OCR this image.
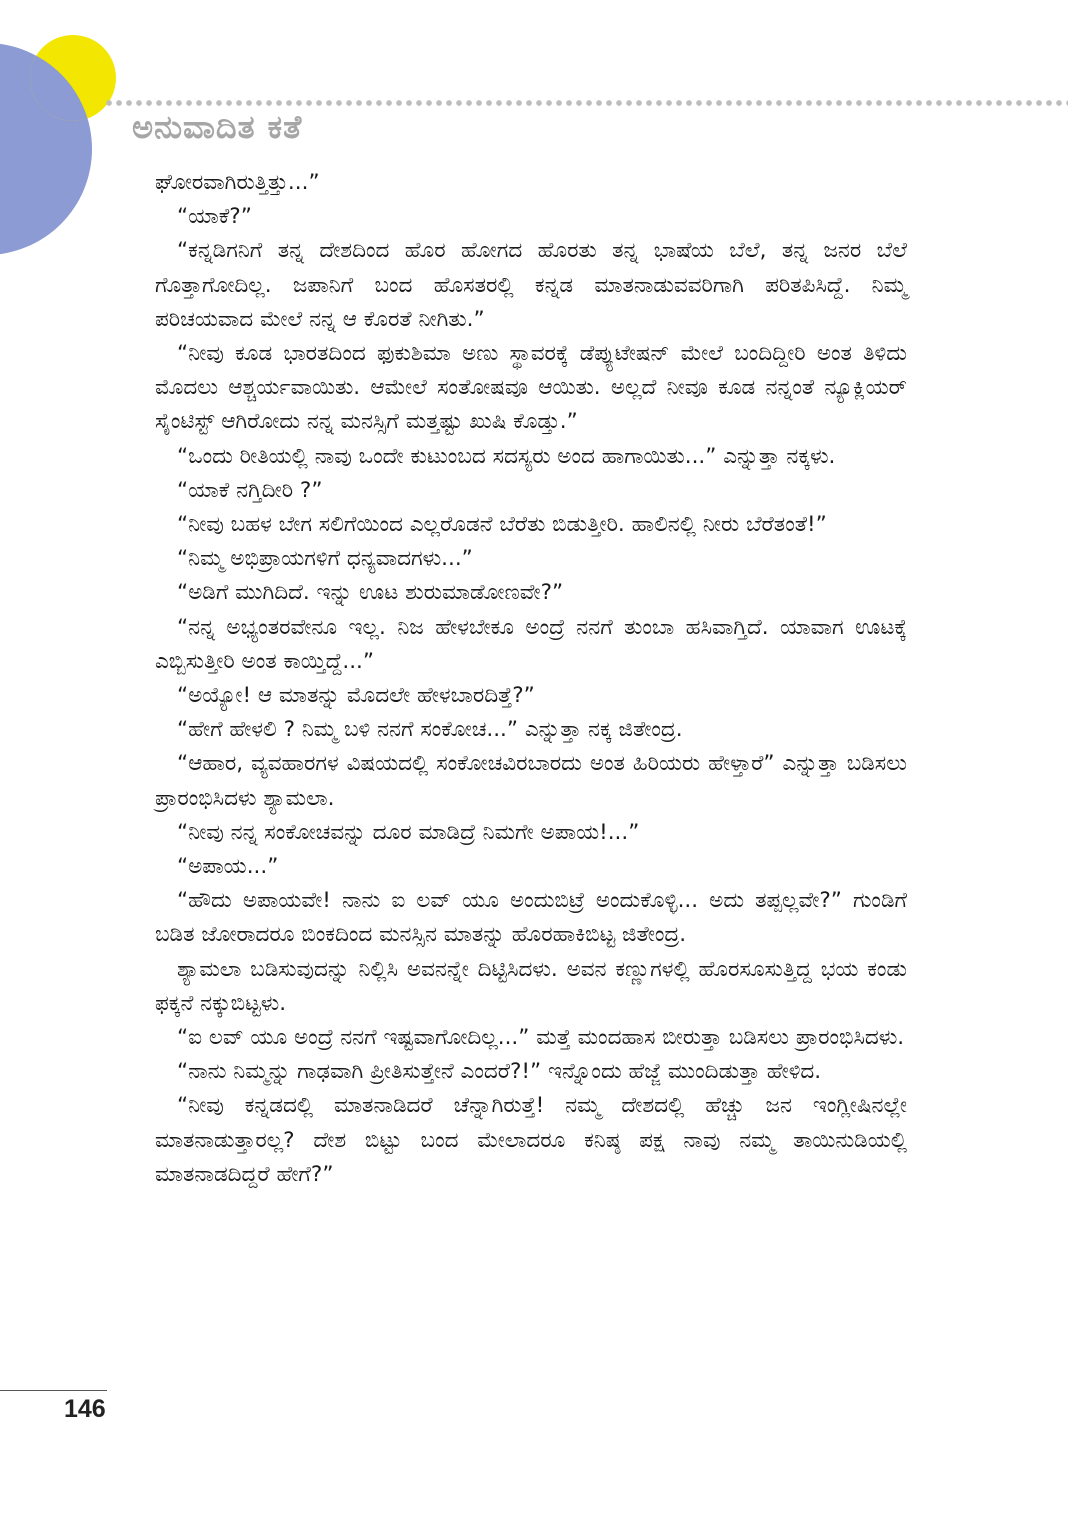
ಅನುವಾದಿತ ಕತೆ

ಘೋರವಾಗಿರುತ್ತಿತ್ತು...”

“ಯಾಕೆ?”

“ಕನ್ನಡಿಗನಿಗೆ ತನ್ನ ದೇಶದಿಂದ ಹೊರ ಹೋಗದ ಹೊರತು ತನ್ನ ಭಾಷೆಯ ಬೆಲೆ, ತನ್ನ ಜನರ ಬೆಲೆ ಗೊತ್ತಾಗೋದಿಲ್ಲ. ಜಪಾನಿಗೆ ಬಂದ ಹೊಸತರಲ್ಲಿ ಕನ್ನಡ ಮಾತನಾಡುವವರಿಗಾಗಿ ಪರಿತಪಿಸಿದ್ದೆ. ನಿಮ್ಮ ಪರಿಚಯವಾದ ಮೇಲೆ ನನ್ನ ಆ ಕೊರತೆ ನೀಗಿತು.”

“ನೀವು ಕೂಡ ಭಾರತದಿಂದ ಫುಕುಶಿಮಾ ಅಣು ಸ್ಥಾವರಕ್ಕೆ ಡೆಪ್ಯುಟೇಷನ್ ಮೇಲೆ ಬಂದಿದ್ದೀರಿ ಅಂತ ತಿಳಿದು ಮೊದಲು ಆಶ್ಚರ್ಯವಾಯಿತು. ಆಮೇಲೆ ಸಂತೋಷವೂ ಆಯಿತು. ಅಲ್ಲದೆ ನೀವೂ ಕೂಡ ನನ್ನಂತೆ ನ್ಯೂಕ್ಲಿಯರ್ ಸೈಂಟಿಸ್ಟ್ ಆಗಿರೋದು ನನ್ನ ಮನಸ್ಸಿಗೆ ಮತ್ತಷ್ಟು ಖುಷಿ ಕೊಡ್ತು.”

“ಒಂದು ರೀತಿಯಲ್ಲಿ ನಾವು ಒಂದೇ ಕುಟುಂಬದ ಸದಸ್ಯರು ಅಂದ ಹಾಗಾಯಿತು...” ಎನ್ನುತ್ತಾ ನಕ್ಕಳು.

“ಯಾಕೆ ನಗ್ತಿದೀರಿ ?”

“ನೀವು ಬಹಳ ಬೇಗ ಸಲಿಗೆಯಿಂದ ಎಲ್ಲರೊಡನೆ ಬೆರೆತು ಬಿಡುತ್ತೀರಿ. ಹಾಲಿನಲ್ಲಿ ನೀರು ಬೆರೆತಂತೆ!”

“ನಿಮ್ಮ ಅಭಿಪ್ರಾಯಗಳಿಗೆ ಧನ್ಯವಾದಗಳು...”

“ಅಡಿಗೆ ಮುಗಿದಿದೆ. ಇನ್ನು ಊಟ ಶುರುಮಾಡೋಣವೇ?”

“ನನ್ನ ಅಭ್ಯಂತರವೇನೂ ಇಲ್ಲ. ನಿಜ ಹೇಳಬೇಕೂ ಅಂದ್ರೆ ನನಗೆ ತುಂಬಾ ಹಸಿವಾಗ್ತಿದೆ. ಯಾವಾಗ ಊಟಕ್ಕೆ ಎಬ್ಬಿಸುತ್ತೀರಿ ಅಂತ ಕಾಯ್ತಿದ್ದೆ...”

“ಅಯ್ಯೋ! ಆ ಮಾತನ್ನು ಮೊದಲೇ ಹೇಳಬಾರದಿತ್ತೆ?”

“ಹೇಗೆ ಹೇಳಲಿ ? ನಿಮ್ಮ ಬಳಿ ನನಗೆ ಸಂಕೋಚ...” ಎನ್ನುತ್ತಾ ನಕ್ಕ ಜಿತೇಂದ್ರ.

“ಆಹಾರ, ವ್ಯವಹಾರಗಳ ವಿಷಯದಲ್ಲಿ ಸಂಕೋಚವಿರಬಾರದು ಅಂತ ಹಿರಿಯರು ಹೇಳ್ತಾರೆ” ಎನ್ನುತ್ತಾ ಬಡಿಸಲು ಪ್ರಾರಂಭಿಸಿದಳು ಶ್ಯಾಮಲಾ.

“ನೀವು ನನ್ನ ಸಂಕೋಚವನ್ನು ದೂರ ಮಾಡಿದ್ರೆ ನಿಮಗೇ ಅಪಾಯ!...”

“ಅಪಾಯ...”

“ಹೌದು ಅಪಾಯವೇ! ನಾನು ಐ ಲವ್ ಯೂ ಅಂದುಬಿಟ್ರೆ ಅಂದುಕೊಳ್ಳಿ... ಅದು ತಪ್ಪಲ್ಲವೇ?” ಗುಂಡಿಗೆ ಬಡಿತ ಜೋರಾದರೂ ಬಿಂಕದಿಂದ ಮನಸ್ಸಿನ ಮಾತನ್ನು ಹೊರಹಾಕಿಬಿಟ್ಟ ಜಿತೇಂದ್ರ.

ಶ್ಯಾಮಲಾ ಬಡಿಸುವುದನ್ನು ನಿಲ್ಲಿಸಿ ಅವನನ್ನೇ ದಿಟ್ಟಿಸಿದಳು. ಅವನ ಕಣ್ಣುಗಳಲ್ಲಿ ಹೊರಸೂಸುತ್ತಿದ್ದ ಭಯ ಕಂಡು ಫಕ್ಕನೆ ನಕ್ಕುಬಿಟ್ಟಳು.

“ಐ ಲವ್ ಯೂ ಅಂದ್ರೆ ನನಗೆ ಇಷ್ಟವಾಗೋದಿಲ್ಲ...” ಮತ್ತೆ ಮಂದಹಾಸ ಬೀರುತ್ತಾ ಬಡಿಸಲು ಪ್ರಾರಂಭಿಸಿದಳು.

“ನಾನು ನಿಮ್ಮನ್ನು ಗಾಢವಾಗಿ ಪ್ರೀತಿಸುತ್ತೇನೆ ಎಂದರೆ?!” ಇನ್ನೊಂದು ಹೆಜ್ಜೆ ಮುಂದಿಡುತ್ತಾ ಹೇಳಿದ.

“ನೀವು ಕನ್ನಡದಲ್ಲಿ ಮಾತನಾಡಿದರೆ ಚೆನ್ನಾಗಿರುತ್ತೆ! ನಮ್ಮ ದೇಶದಲ್ಲಿ ಹೆಚ್ಚು ಜನ ಇಂಗ್ಲೀಷಿನಲ್ಲೇ ಮಾತನಾಡುತ್ತಾರಲ್ಲ? ದೇಶ ಬಿಟ್ಟು ಬಂದ ಮೇಲಾದರೂ ಕನಿಷ್ಠ ಪಕ್ಷ ನಾವು ನಮ್ಮ ತಾಯಿನುಡಿಯಲ್ಲಿ ಮಾತನಾಡದಿದ್ದರೆ ಹೇಗೆ?”

146
